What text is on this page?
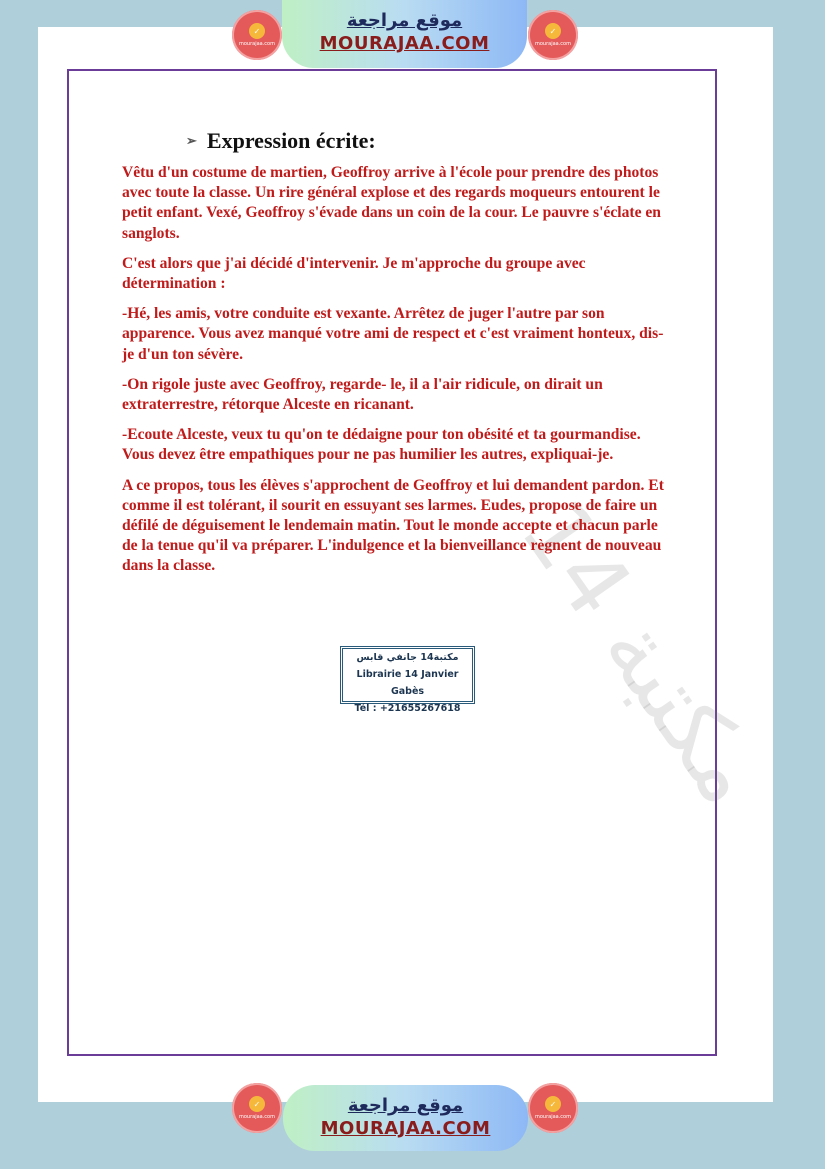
✓
mourajaa.com
موقع مراجعة
MOURAJAA.COM
✓
mourajaa.com
➢ Expression écrite:

Vêtu d'un costume de martien, Geoffroy arrive à l'école pour prendre des photos avec toute la classe. Un rire général explose et des regards moqueurs entourent le petit enfant. Vexé, Geoffroy s'évade dans un coin de la cour. Le pauvre s'éclate en sanglots.

C'est alors que j'ai décidé d'intervenir. Je m'approche du groupe avec détermination :

-Hé, les amis, votre conduite est vexante. Arrêtez de juger l'autre par son apparence. Vous avez manqué votre ami de respect et c'est vraiment honteux, dis-je d'un ton sévère.

-On rigole juste avec Geoffroy, regarde- le, il a l'air ridicule, on dirait un extraterrestre, rétorque Alceste en ricanant.

-Ecoute Alceste, veux tu qu'on te dédaigne pour ton obésité et ta gourmandise. Vous devez être empathiques pour ne pas humilier les autres, expliquai-je.

A ce propos, tous les élèves s'approchent de Geoffroy et lui demandent pardon. Et comme il est tolérant, il sourit en essuyant ses larmes. Eudes, propose de faire un défilé de déguisement le lendemain matin. Tout le monde accepte et chacun parle de la tenue qu'il va préparer. L'indulgence et la bienveillance règnent de nouveau dans la classe.

مكتبة14 جانفي قابس
Librairie 14 Janvier Gabès
Tél : +21655267618
✓
mourajaa.com
موقع مراجعة
MOURAJAA.COM
✓
mourajaa.com
